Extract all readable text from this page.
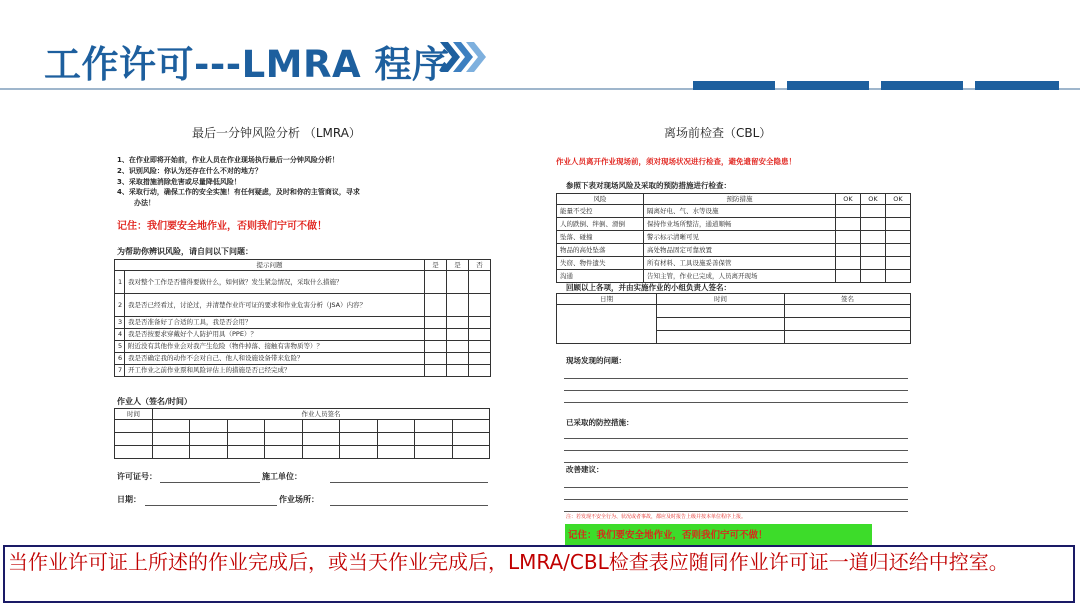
工作许可---LMRA 程序
最后一分钟风险分析 （LMRA）
1、在作业即将开始前，作业人员在作业现场执行最后一分钟风险分析！
2、识别风险：你认为还存在什么不对的地方？
3、采取措施消除危害或尽量降低风险！
4、采取行动，确保工作的安全实施！有任何疑虑，及时和你的主管商议，寻求
办法！
记住：我们要安全地作业，否则我们宁可不做！
为帮助你辨识风险，请自问以下问题：
提示问题		是	是	否
1	我对整个工作是否懂得要做什么，如何做？发生紧急情况，采取什么措施？			
2	我是否已经看过，讨论过，并清楚作业许可证的要求和作业危害分析（JSA）内容？			
3	我是否准备好了合适的工具，我是否会用？			
4	我是否按要求穿戴好个人防护用具（PPE）？			
5	附近没有其他作业会对我产生危险（物件掉落、接触有害物质等）？			
6	我是否确定我的动作不会对自己、他人和设施设备带来危险？			
7	开工作业之前作业票和风险评估上的措施是否已经完成？			
作业人（签名/时间）
时间	作业人员签名								

许可证号：	施工单位：
日期：	作业场所：
离场前检查（CBL）
作业人员离开作业现场前，须对现场状况进行检查，避免遗留安全隐患！
参照下表对现场风险及采取的预防措施进行检查：
风险	预防措施	OK	OK	OK
能量不受控	隔离好电、气、水等设施			
人的跌倒、绊倒、滑倒	保持作业场所整洁，通道顺畅			
坠落、碰撞	警示标示清晰可见			
物品的高处坠落	高处物品固定可靠放置			
失窃、物件遗失	所有材料、工具设施妥善保管			
沟通	告知主管，作业已完成，人员离开现场			
回顾以上各项，并由实施作业的小组负责人签名：
日期	时间	签名

现场发现的问题：
已采取的防控措施：
改善建议：
注：若发现不安全行为、状况或者事故，都应及时报告上级并按本单位程序上报。
记住：我们要安全地作业，否则我们宁可不做！
当作业许可证上所述的作业完成后，或当天作业完成后，LMRA/CBL检查表应随同作业许可证一道归还给中控室。
